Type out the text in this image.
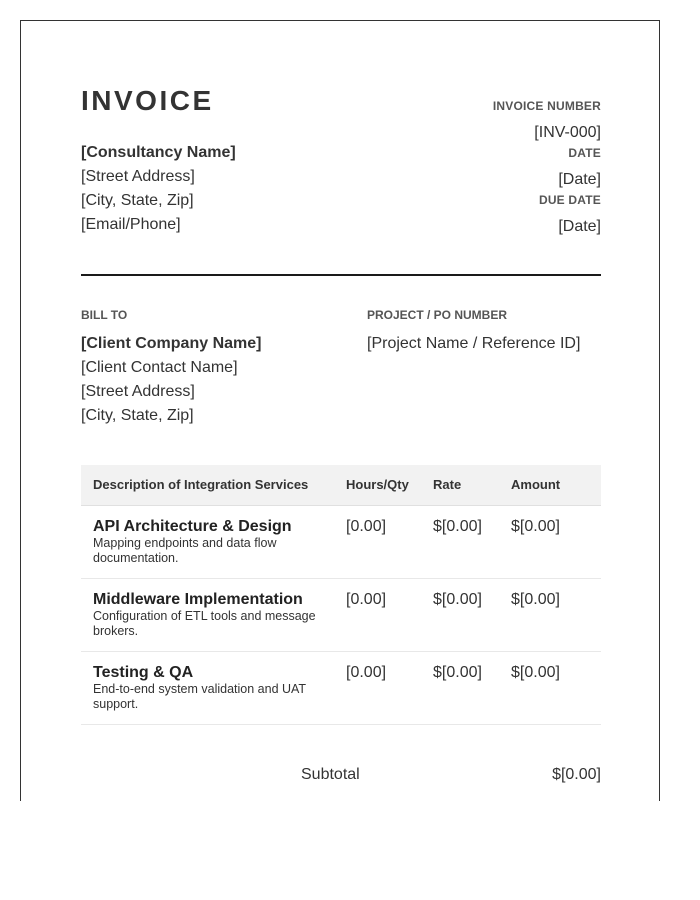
INVOICE
[Consultancy Name]
[Street Address]
[City, State, Zip]
[Email/Phone]
INVOICE NUMBER
[INV-000]
DATE
[Date]
DUE DATE
[Date]
BILL TO
[Client Company Name]
[Client Contact Name]
[Street Address]
[City, State, Zip]
PROJECT / PO NUMBER
[Project Name / Reference ID]
Description of Integration Services	Hours/Qty Rate	Amount
API Architecture & Design
Mapping endpoints and data flow documentation.
[0.00]	$[0.00] $[0.00]
Middleware Implementation
Configuration of ETL tools and message brokers.
[0.00]	$[0.00] $[0.00]
Testing & QA
End-to-end system validation and UAT support.
[0.00]	$[0.00] $[0.00]
Subtotal	$[0.00]
